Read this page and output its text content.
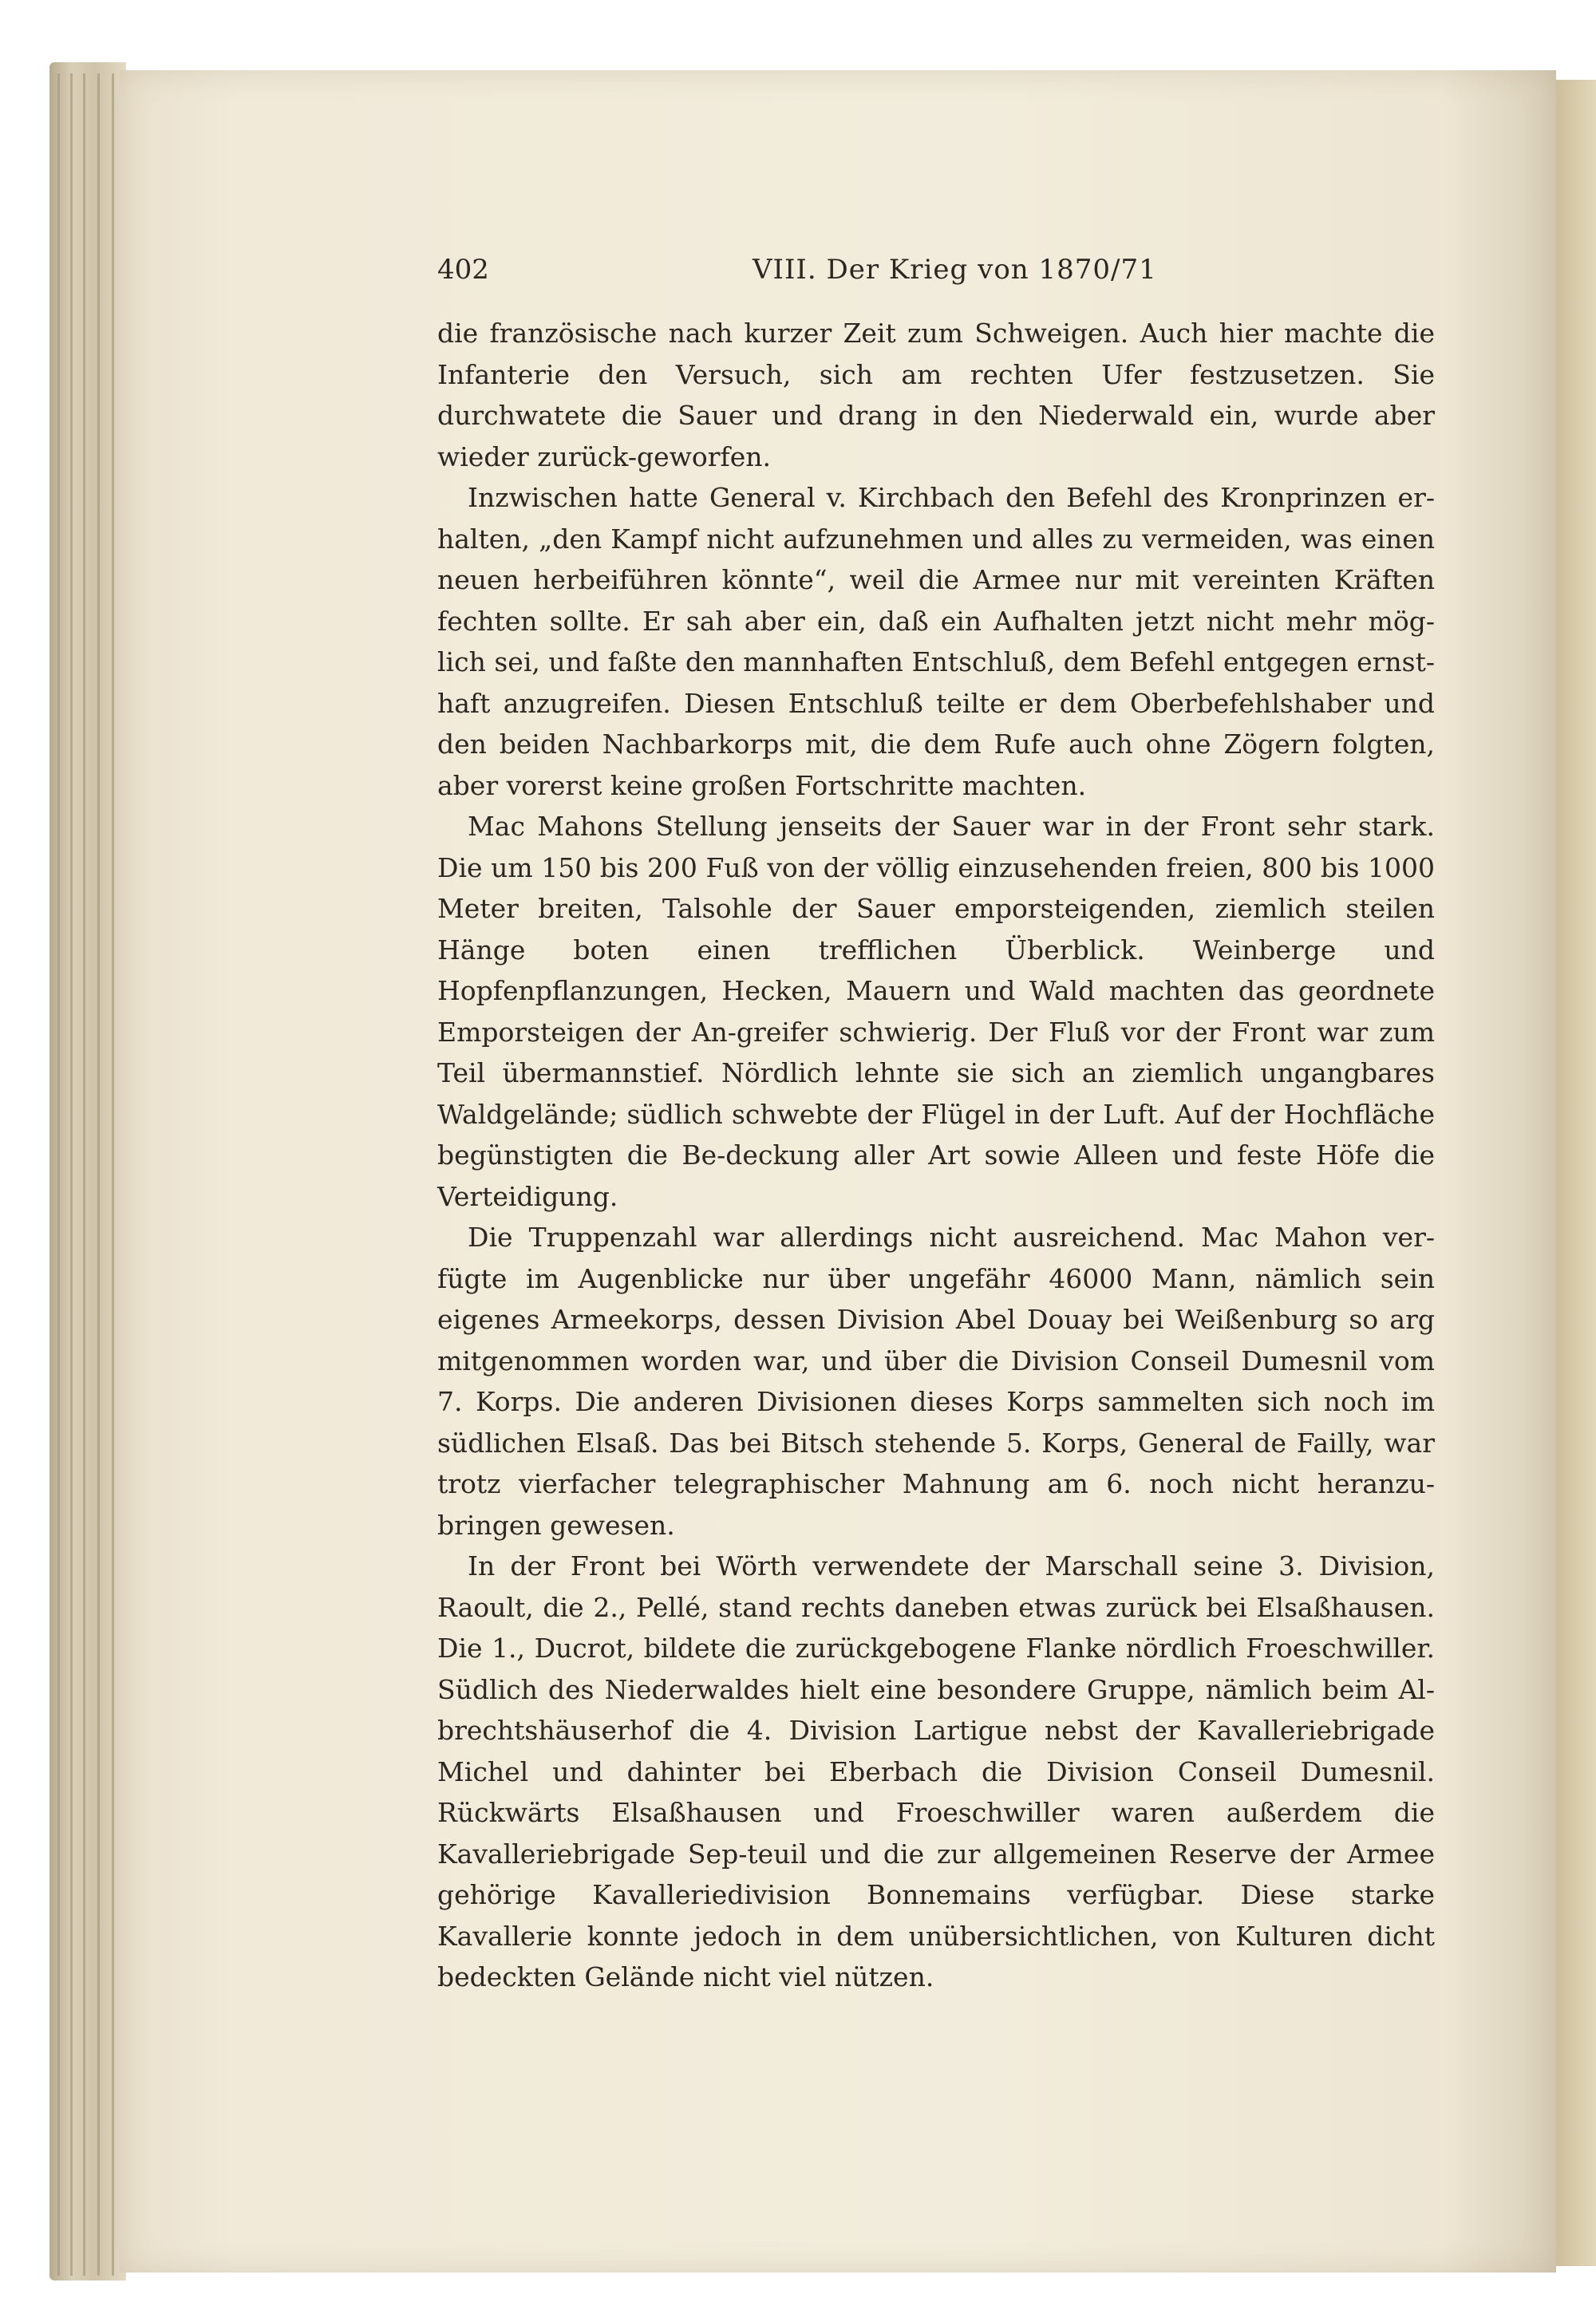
402	VIII. Der Krieg von 1870/71

die französische nach kurzer Zeit zum Schweigen. Auch hier machte die Infanterie den Versuch, sich am rechten Ufer festzusetzen. Sie durchwatete die Sauer und drang in den Niederwald ein, wurde aber wieder zurück-geworfen.

Inzwischen hatte General v. Kirchbach den Befehl des Kronprinzen er-halten, „den Kampf nicht aufzunehmen und alles zu vermeiden, was einen neuen herbeiführen könnte“, weil die Armee nur mit vereinten Kräften fechten sollte. Er sah aber ein, daß ein Aufhalten jetzt nicht mehr mög-lich sei, und faßte den mannhaften Entschluß, dem Befehl entgegen ernst-haft anzugreifen. Diesen Entschluß teilte er dem Oberbefehlshaber und den beiden Nachbarkorps mit, die dem Rufe auch ohne Zögern folgten, aber vorerst keine großen Fortschritte machten.

Mac Mahons Stellung jenseits der Sauer war in der Front sehr stark. Die um 150 bis 200 Fuß von der völlig einzusehenden freien, 800 bis 1000 Meter breiten, Talsohle der Sauer emporsteigenden, ziemlich steilen Hänge boten einen trefflichen Überblick. Weinberge und Hopfenpflanzungen, Hecken, Mauern und Wald machten das geordnete Emporsteigen der An-greifer schwierig. Der Fluß vor der Front war zum Teil übermannstief. Nördlich lehnte sie sich an ziemlich ungangbares Waldgelände; südlich schwebte der Flügel in der Luft. Auf der Hochfläche begünstigten die Be-deckung aller Art sowie Alleen und feste Höfe die Verteidigung.

Die Truppenzahl war allerdings nicht ausreichend. Mac Mahon ver-fügte im Augenblicke nur über ungefähr 46000 Mann, nämlich sein eigenes Armeekorps, dessen Division Abel Douay bei Weißenburg so arg mitgenommen worden war, und über die Division Conseil Dumesnil vom 7. Korps. Die anderen Divisionen dieses Korps sammelten sich noch im südlichen Elsaß. Das bei Bitsch stehende 5. Korps, General de Failly, war trotz vierfacher telegraphischer Mahnung am 6. noch nicht heranzu-bringen gewesen.

In der Front bei Wörth verwendete der Marschall seine 3. Division, Raoult, die 2., Pellé, stand rechts daneben etwas zurück bei Elsaßhausen. Die 1., Ducrot, bildete die zurückgebogene Flanke nördlich Froeschwiller. Südlich des Niederwaldes hielt eine besondere Gruppe, nämlich beim Al-brechtshäuserhof die 4. Division Lartigue nebst der Kavalleriebrigade Michel und dahinter bei Eberbach die Division Conseil Dumesnil. Rückwärts Elsaßhausen und Froeschwiller waren außerdem die Kavalleriebrigade Sep-teuil und die zur allgemeinen Reserve der Armee gehörige Kavalleriedivision Bonnemains verfügbar. Diese starke Kavallerie konnte jedoch in dem unübersichtlichen, von Kulturen dicht bedeckten Gelände nicht viel nützen.
